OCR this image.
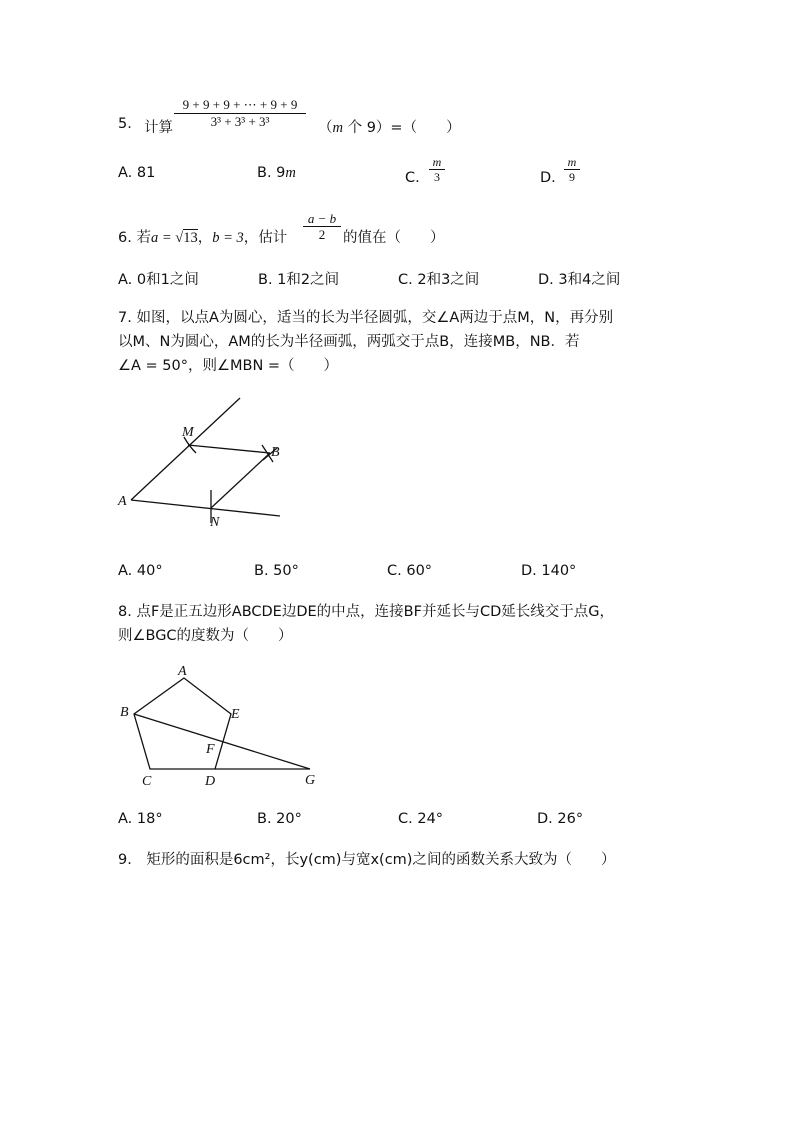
5. 计算 $\frac{9 + 9 + 9 + \cdots + 9 + 9}{\text{3³ + 3³ + 3³}} (m$ 个 9）=（　　）
A. 81	B. 9m	C. $\frac{m}{3}$	D. $\frac{m}{9}$
6. 若a = √13，b = 3，估计 $\frac{a - b}{2}$ 的值在（　　）
A. 0和1之间	B. 1和2之间	C. 2和3之间	D. 3和4之间
7. 如图，以点A为圆心，适当的长为半径圆弧，交∠A两边于点M，N，再分别
以M、N为圆心，AM的长为半径画弧，两弧交于点B，连接MB，NB．若
∠A = 50°，则∠MBN =（　　）
A
M
B
N
A. 40°	B. 50°	C. 60°	D. 140°
8. 点F是正五边形ABCDE边DE的中点，连接BF并延长与CD延长线交于点G，
则∠BGC的度数为（　　）
A
B
C	D
E
F
G
A. 18°	B. 20°	C. 24°	D. 26°
9.　矩形的面积是6cm²，长y(cm)与宽x(cm)之间的函数关系大致为（　　）
